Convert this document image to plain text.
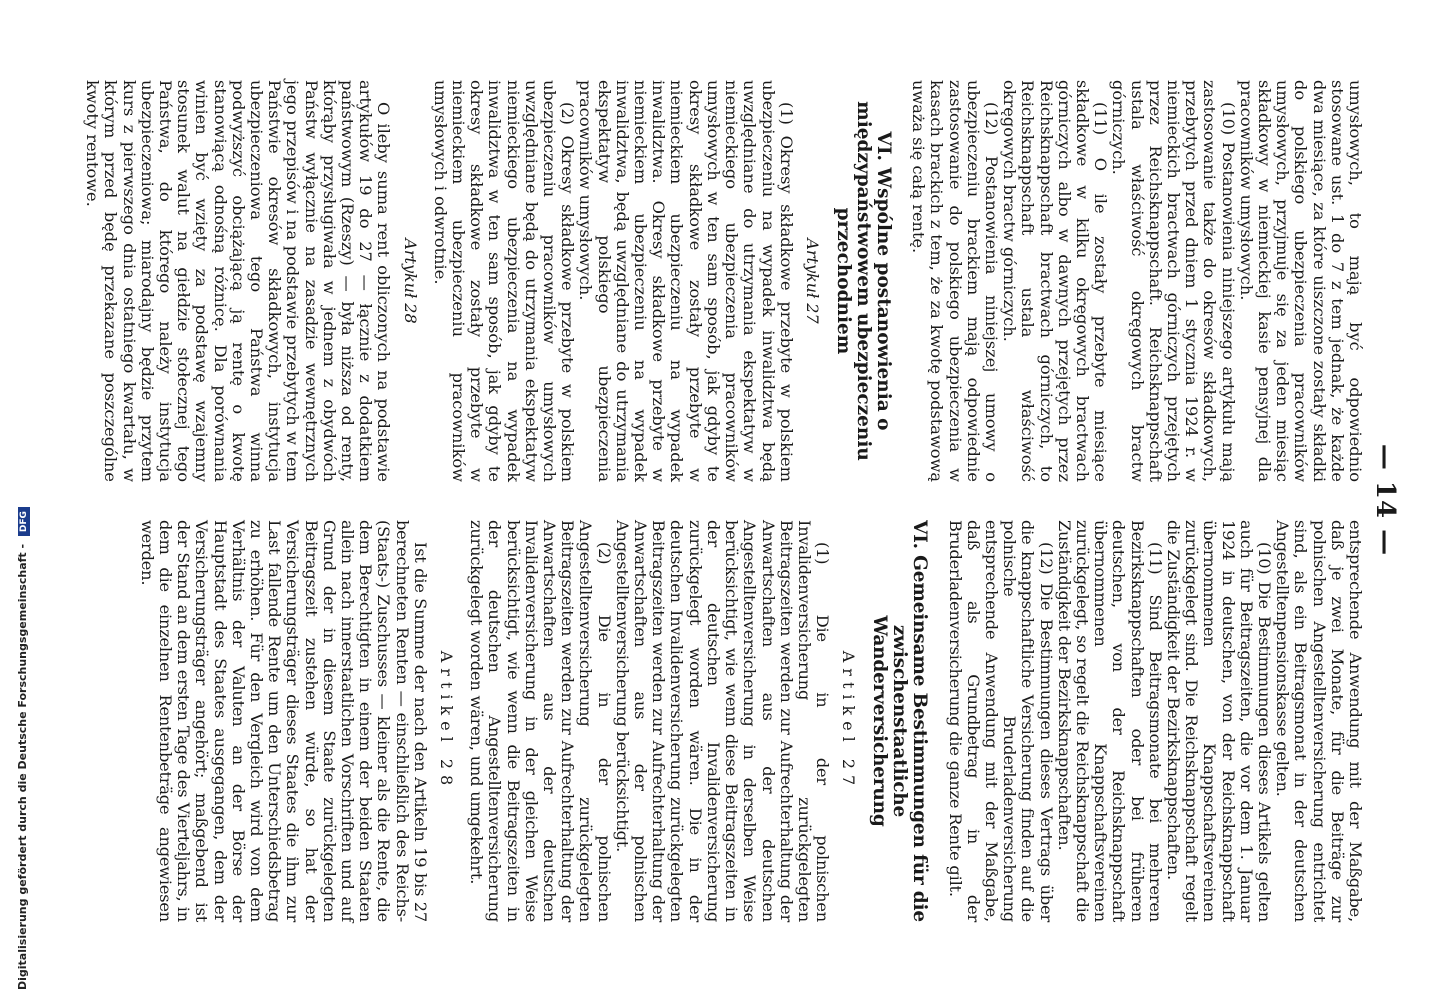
— 14 —

umysłowych, to mają być odpowiednio stosowane ust. 1 do 7 z tem jednak, że każde dwa miesiące, za które uiszczone zostały składki do polskiego ubezpieczenia pracowników umysłowych, przyjmuje się za jeden miesiąc składkowy w niemieckiej kasie pensyjnej dla pracowników umysłowych.

(10) Postanowienia niniejszego artykułu mają zastosowanie także do okresów składkowych, przebytych przed dniem 1 stycznia 1924 r. w niemieckich bractwach górniczych przejętych przez Reichsknappschaft. Reichsknappschaft ustala właściwość okręgowych bractw górniczych.

(11) O ile zostały przebyte miesiące składkowe w kilku okręgowych bractwach górniczych albo w dawnych przejętych przez Reichsknappschaft bractwach górniczych, to Reichsknappschaft ustala właściwość okręgowych bractw górniczych.

(12) Postanowienia niniejszej umowy o ubezpieczeniu brackiem mają odpowiednie zastosowanie do polskiego ubezpieczenia w kasach brackich z tem, że za kwotę podstawową uważa się całą rentę.

VI. Wspólne postanowienia o międzypaństwowem ubezpieczeniu przechodniem
Artykuł 27

(1) Okresy składkowe przebyte w polskiem ubezpieczeniu na wypadek inwalidztwa będą uwzględniane do utrzymania ekspektatyw w niemieckiego ubezpieczenia pracowników umysłowych w ten sam sposób, jak gdyby te okresy składkowe zostały przebyte w niemieckiem ubezpieczeniu na wypadek inwalidztwa. Okresy składkowe przebyte w niemieckiem ubezpieczeniu na wypadek inwalidztwa, będą uwzględniane do utrzymania ekspektatyw polskiego ubezpieczenia pracowników umysłowych.

(2) Okresy składkowe przebyte w polskiem ubezpieczeniu pracowników umysłowych uwzględniane będą do utrzymania ekspektatyw niemieckiego ubezpieczenia na wypadek inwalidztwa w ten sam sposób, jak gdyby te okresy składkowe zostały przebyte w niemieckiem ubezpieczeniu pracowników umysłowych i odwrotnie.

Artykuł 28

O ileby suma rent obliczonych na podstawie artykułów 19 do 27 — łącznie z dodatkiem państwowym (Rzeszy) — była niższa od renty, którąby przysługiwała w jednem z obydwóch Państw wyłącznie na zasadzie wewnętrznych jego przepisów i na podstawie przebytych w tem Państwie okresów składkowych, instytucja ubezpieczeniowa tego Państwa winna podwyższyć obciążającą ją rentę o kwotę stanowiącą odnośną różnicę. Dla porównania winien być wzięty za podstawę wzajemny stosunek walut na giełdzie stołecznej tego Państwa, do którego należy instytucja ubezpieczeniowa; miarodajny będzie przytem kurs z pierwszego dnia ostatniego kwartału, w którym przed będę przekazane poszczególne kwoty rentowe.

entsprechende Anwendung mit der Maßgabe, daß je zwei Monate, für die Beiträge zur polnischen Angestelltenversicherung entrichtet sind, als ein Beitragsmonat in der deutschen Angestelltenpensionskasse gelten.

(10) Die Bestimmungen dieses Artikels gelten auch für Beitragszeiten, die vor dem 1. Januar 1924 in deutschen, von der Reichsknappschaft übernommenen Knappschaftsvereinen zurückgelegt sind. Die Reichsknappschaft regelt die Zuständigkeit der Bezirksknappschaften.

(11) Sind Beitragsmonate bei mehreren Bezirksknappschaften oder bei früheren deutschen, von der Reichsknappschaft übernommenen Knappschaftsvereinen zurückgelegt, so regelt die Reichsknappschaft die Zuständigkeit der Bezirksknappschaften.

(12) Die Bestimmungen dieses Vertrags über die knappschaftliche Versicherung finden auf die polnische Bruderladenversicherung entsprechende Anwendung mit der Maßgabe, daß als Grundbetrag in der Bruderladenversicherung die ganze Rente gilt.

VI. Gemeinsame Bestimmungen für die zwischenstaatliche Wanderversicherung
Artikel 27

(1) Die in der polnischen Invalidenversicherung zurückgelegten Beitragszeiten werden zur Aufrechterhaltung der Anwartschaften aus der deutschen Angestelltenversicherung in derselben Weise berücksichtigt, wie wenn diese Beitragszeiten in der deutschen Invalidenversicherung zurückgelegt worden wären. Die in der deutschen Invalidenversicherung zurückgelegten Beitragszeiten werden zur Aufrechterhaltung der Anwartschaften aus der polnischen Angestelltenversicherung berücksichtigt.

(2) Die in der polnischen Angestelltenversicherung zurückgelegten Beitragszeiten werden zur Aufrechterhaltung der Anwartschaften aus der deutschen Invalidenversicherung in der gleichen Weise berücksichtigt, wie wenn die Beitragszeiten in der deutschen Angestelltenversicherung zurückgelegt worden wären, und umgekehrt.

Artikel 28

Ist die Summe der nach den Artikeln 19 bis 27 berechneten Renten — einschließlich des Reichs- (Staats-) Zuschusses — kleiner als die Rente, die dem Berechtigten in einem der beiden Staaten allein nach innerstaatlichen Vorschriften und auf Grund der in diesem Staate zurückgelegten Beitragszeit zustehen würde, so hat der Versicherungsträger dieses Staates die ihm zur Last fallende Rente um den Unterschiedsbetrag zu erhöhen. Für den Vergleich wird von dem Verhältnis der Valuten an der Börse der Hauptstadt des Staates ausgegangen, dem der Versicherungsträger angehört; maßgebend ist der Stand an dem ersten Tage des Vierteljahrs, in dem die einzelnen Rentenbeträge angewiesen werden.

Digitalisierung gefördert durch die Deutsche Forschungsgemeinschaft - DFG
